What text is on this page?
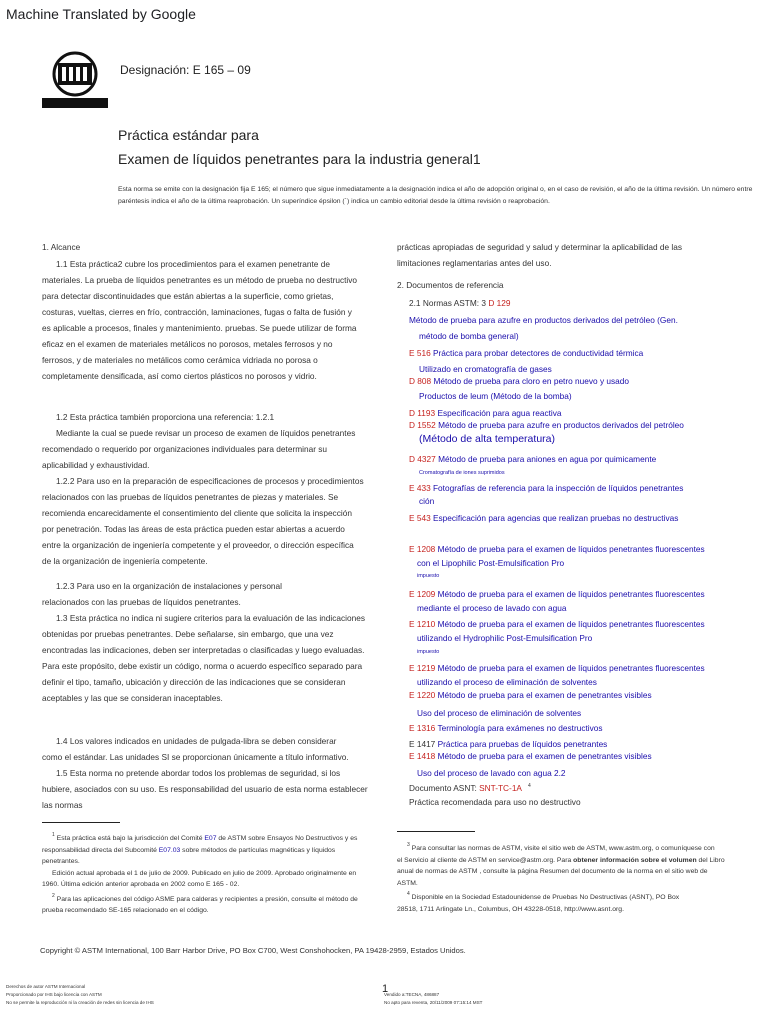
Machine Translated by Google
Designación: E 165 – 09
Práctica estándar para
Examen de líquidos penetrantes para la industria general1
Esta norma se emite con la designación fija E 165; el número que sigue inmediatamente a la designación indica el año de adopción original o, en el caso de revisión, el año de la última revisión. Un número entre paréntesis indica el año de la última reaprobación. Un superíndice épsilon (´) indica un cambio editorial desde la última revisión o reaprobación.
1. Alcance
1.1 Esta práctica2 cubre los procedimientos para el examen penetrante de
materiales. La prueba de líquidos penetrantes es un método de prueba no destructivo
para detectar discontinuidades que están abiertas a la superficie, como grietas,
costuras, vueltas, cierres en frío, contracción, laminaciones, fugas o falta de fusión y
es aplicable a procesos, finales y mantenimiento. pruebas. Se puede utilizar de forma
eficaz en el examen de materiales metálicos no porosos, metales ferrosos y no
ferrosos, y de materiales no metálicos como cerámica vidriada no porosa o
completamente densificada, así como ciertos plásticos no porosos y vidrio.
1.2 Esta práctica también proporciona una referencia: 1.2.1
Mediante la cual se puede revisar un proceso de examen de líquidos penetrantes
recomendado o requerido por organizaciones individuales para determinar su
aplicabilidad y exhaustividad.
1.2.2 Para uso en la preparación de especificaciones de procesos y procedimientos
relacionados con las pruebas de líquidos penetrantes de piezas y materiales. Se
recomienda encarecidamente el consentimiento del cliente que solicita la inspección
por penetración. Todas las áreas de esta práctica pueden estar abiertas a acuerdo
entre la organización de ingeniería competente y el proveedor, o dirección específica
de la organización de ingeniería competente.
1.2.3 Para uso en la organización de instalaciones y personal
relacionados con las pruebas de líquidos penetrantes.
1.3 Esta práctica no indica ni sugiere criterios para la evaluación de las indicaciones
obtenidas por pruebas penetrantes. Debe señalarse, sin embargo, que una vez
encontradas las indicaciones, deben ser interpretadas o clasificadas y luego evaluadas.
Para este propósito, debe existir un código, norma o acuerdo específico separado para
definir el tipo, tamaño, ubicación y dirección de las indicaciones que se consideran
aceptables y las que se consideran inaceptables.
1.4 Los valores indicados en unidades de pulgada-libra se deben considerar
como el estándar. Las unidades SI se proporcionan únicamente a título informativo.
1.5 Esta norma no pretende abordar todos los problemas de seguridad, si los
hubiere, asociados con su uso. Es responsabilidad del usuario de esta norma establecer
las normas
prácticas apropiadas de seguridad y salud y determinar la aplicabilidad de las
limitaciones reglamentarias antes del uso.
2. Documentos de referencia
2.1 Normas ASTM: 3 D 129
Método de prueba para azufre en productos derivados del petróleo (Gen.
método de bomba general)
E 516 Práctica para probar detectores de conductividad térmica
Utilizado en cromatografía de gases
D 808 Método de prueba para cloro en petro nuevo y usado
Productos de leum (Método de la bomba)
D 1193 Especificación para agua reactiva
D 1552 Método de prueba para azufre en productos derivados del petróleo
(Método de alta temperatura)
D 4327 Método de prueba para aniones en agua por quimicamente
Cromatografía de iones suprimidos
E 433 Fotografías de referencia para la inspección de líquidos penetrantes
ción
E 543 Especificación para agencias que realizan pruebas no destructivas
E 1208 Método de prueba para el examen de líquidos penetrantes fluorescentes
con el Lipophilic Post-Emulsification Pro
impuesto
E 1209 Método de prueba para el examen de líquidos penetrantes fluorescentes
mediante el proceso de lavado con agua
E 1210 Método de prueba para el examen de líquidos penetrantes fluorescentes
utilizando el Hydrophilic Post-Emulsification Pro
impuesto
E 1219 Método de prueba para el examen de líquidos penetrantes fluorescentes
utilizando el proceso de eliminación de solventes
E 1220 Método de prueba para el examen de penetrantes visibles
Uso del proceso de eliminación de solventes
E 1316 Terminología para exámenes no destructivos
E 1417 Práctica para pruebas de líquidos penetrantes
E 1418 Método de prueba para el examen de penetrantes visibles
Uso del proceso de lavado con agua 2.2
Documento ASNT: SNT-TC-1A $^4$
Práctica recomendada para uso no destructivo
$^1$ Esta práctica está bajo la jurisdicción del Comité E07 de ASTM sobre Ensayos No Destructivos y es
responsabilidad directa del Subcomité E07.03 sobre métodos de partículas magnéticas y líquidos
penetrantes.
Edición actual aprobada el 1 de julio de 2009. Publicado en julio de 2009. Aprobado originalmente en
1960. Última edición anterior aprobada en 2002 como E 165 - 02.
$^2$ Para las aplicaciones del código ASME para calderas y recipientes a presión, consulte el método de
prueba recomendado SE-165 relacionado en el código.
$^3$ Para consultar las normas de ASTM, visite el sitio web de ASTM, www.astm.org, o comuníquese con
el Servicio al cliente de ASTM en service@astm.org. Para obtener información sobre el volumen del Libro
anual de normas de ASTM , consulte la página Resumen del documento de la norma en el sitio web de
ASTM.
$^4$ Disponible en la Sociedad Estadounidense de Pruebas No Destructivas (ASNT), PO Box
28518, 1711 Arlingate Ln., Columbus, OH 43228-0518, http://www.asnt.org.
Copyright © ASTM International, 100 Barr Harbor Drive, PO Box C700, West Conshohocken, PA 19428-2959, Estados Unidos.
Derechos de autor ASTM Internacional
Proporcionado por IHS bajo licencia con ASTM
No se permite la reproducción ni la creación de redes sin licencia de IHS
1
Vendido a:TECNA, 486887
No apto para reventa, 20/11/2009 07:15:14 MST
